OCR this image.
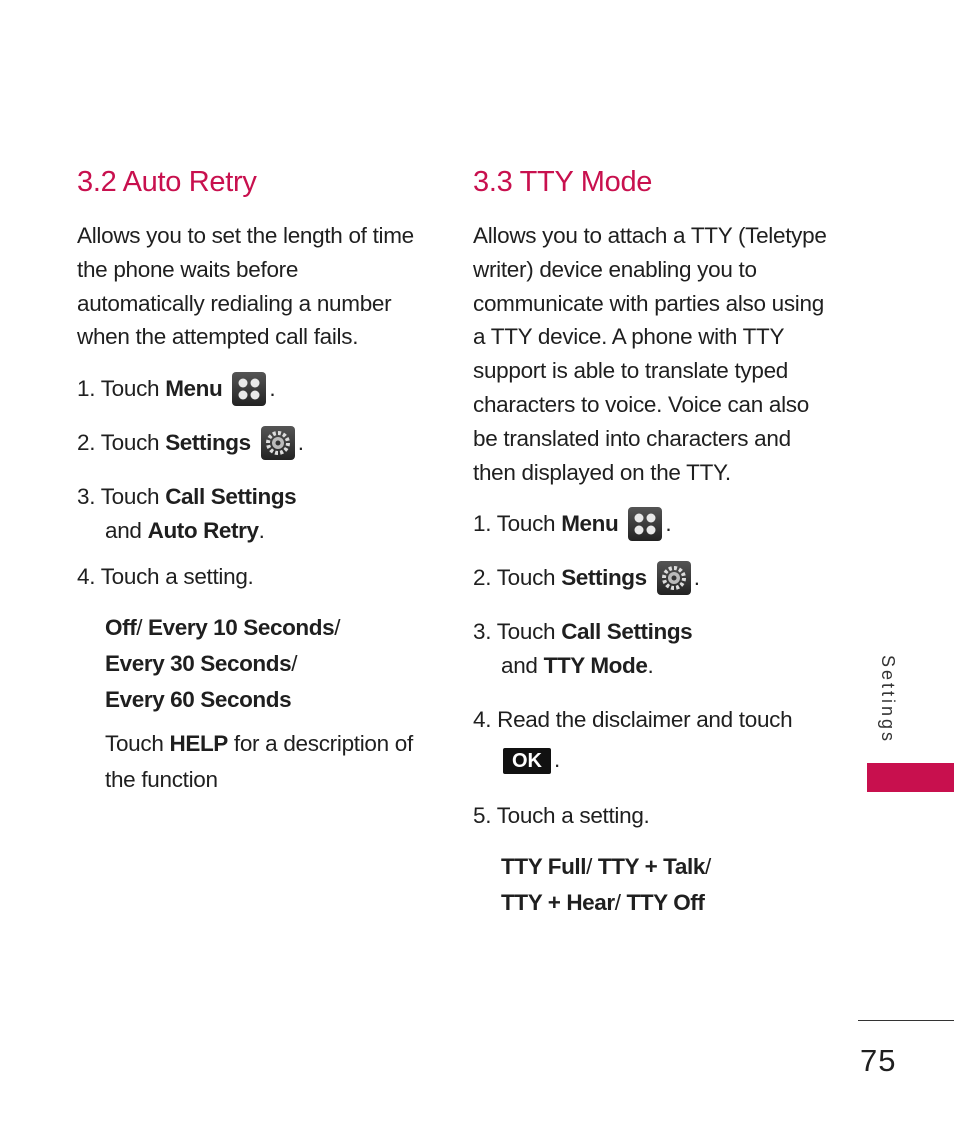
3.2 Auto Retry

Allows you to set the length of time the phone waits before automatically redialing a number when the attempted call fails.

1. Touch Menu .
2. Touch Settings .
3. Touch Call Settings
and Auto Retry.
4. Touch a setting.
Off/ Every 10 Seconds/
Every 30 Seconds/
Every 60 Seconds

Touch HELP for a description of the function

3.3 TTY Mode

Allows you to attach a TTY (Teletype writer) device enabling you to communicate with parties also using a TTY device. A phone with TTY support is able to translate typed characters to voice. Voice can also be translated into characters and then displayed on the TTY.

1. Touch Menu .
2. Touch Settings .
3. Touch Call Settings
and TTY Mode.
4. Read the disclaimer and touch
OK .
5. Touch a setting.
TTY Full/ TTY + Talk/
TTY + Hear/ TTY Off
Settings
75
